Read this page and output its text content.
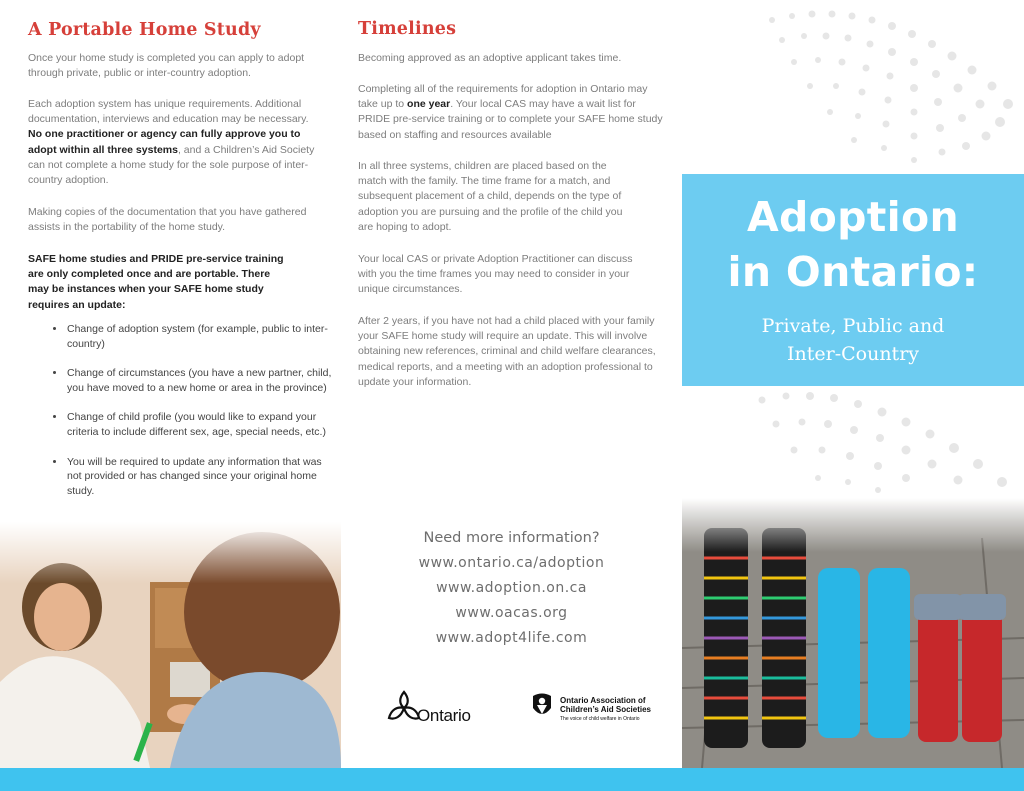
A Portable Home Study

Once your home study is completed you can apply to adopt through private, public or inter-country adoption.

Each adoption system has unique requirements. Additional documentation, interviews and education may be necessary. No one practitioner or agency can fully approve you to adopt within all three systems, and a Children’s Aid Society can not complete a home study for the sole purpose of inter-country adoption.

Making copies of the documentation that you have gathered assists in the portability of the home study.

SAFE home studies and PRIDE pre-service training are only completed once and are portable. There may be instances when your SAFE home study requires an update:

• Change of adoption system (for example, public to inter-country)
• Change of circumstances (you have a new partner, child, you have moved to a new home or area in the province)
• Change of child profile (you would like to expand your criteria to include different sex, age, special needs, etc.)
• You will be required to update any information that was not provided or has changed since your original home study.
Timelines

Becoming approved as an adoptive applicant takes time.

Completing all of the requirements for adoption in Ontario may take up to one year. Your local CAS may have a wait list for PRIDE pre-service training or to complete your SAFE home study based on staffing and resources available

In all three systems, children are placed based on the match with the family. The time frame for a match, and subsequent placement of a child, depends on the type of adoption you are pursuing and the profile of the child you are hoping to adopt.

Your local CAS or private Adoption Practitioner can discuss with you the time frames you may need to consider in your unique circumstances.

After 2 years, if you have not had a child placed with your family your SAFE home study will require an update. This will involve obtaining new references, criminal and child welfare clearances, medical reports, and a meeting with an adoption professional to update your information.

Need more information?

www.ontario.ca/adoption

www.adoption.on.ca

www.oacas.org

www.adopt4life.com

Ontario
Ontario Association of
Children’s Aid Societies
The voice of child welfare in Ontario
Adoption
in Ontario:

Private, Public and
Inter-Country
